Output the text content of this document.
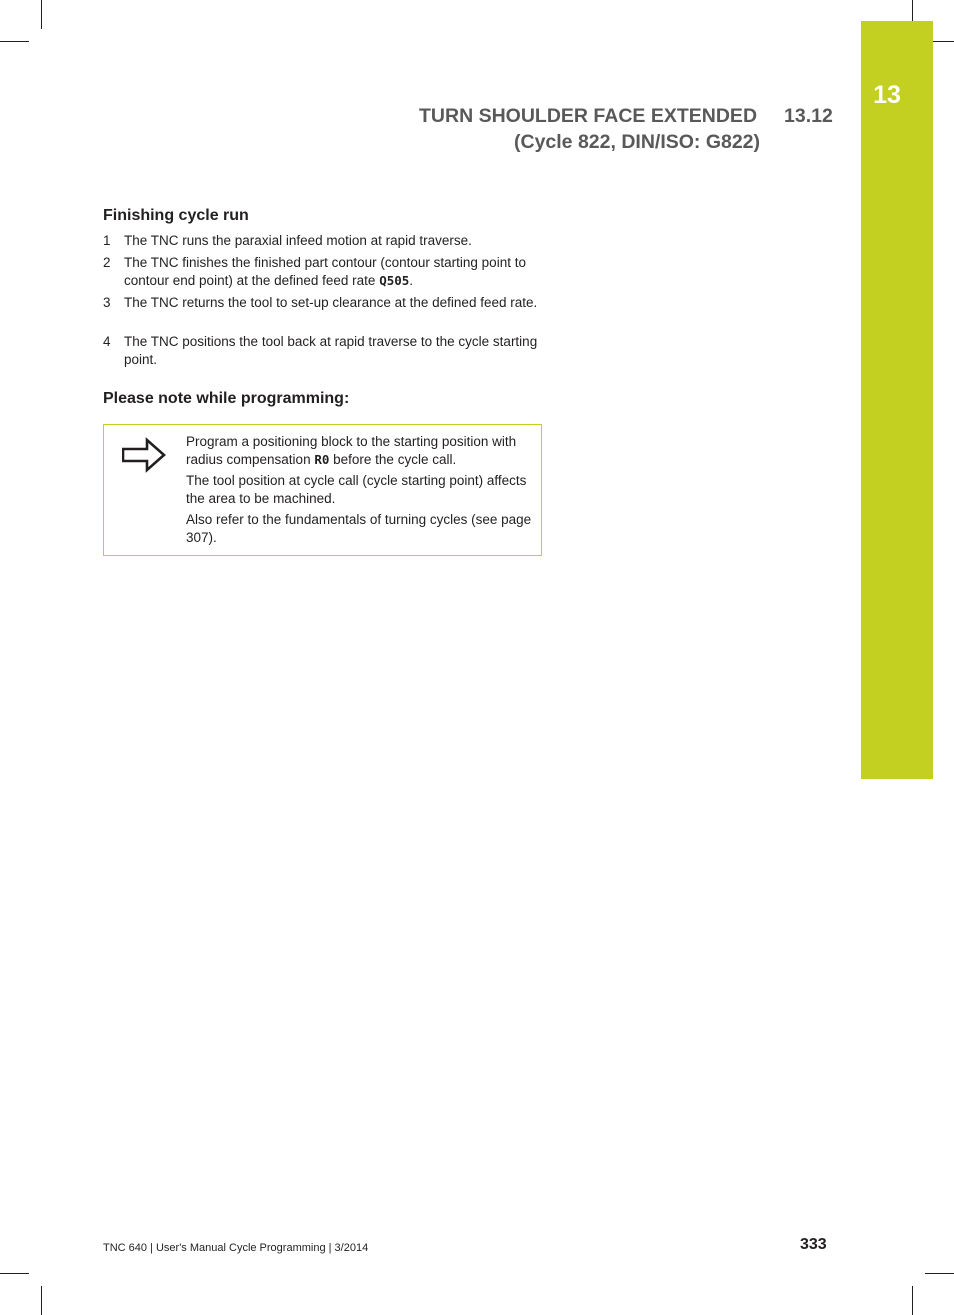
13
TURN SHOULDER FACE EXTENDED 13.12
(Cycle 822, DIN/ISO: G822)
Finishing cycle run
1 The TNC runs the paraxial infeed motion at rapid traverse.
2 The TNC finishes the finished part contour (contour starting point to contour end point) at the defined feed rate Q505.
3 The TNC returns the tool to set-up clearance at the defined feed rate.
4 The TNC positions the tool back at rapid traverse to the cycle starting point.
Please note while programming:

Program a positioning block to the starting position with radius compensation R0 before the cycle call.

The tool position at cycle call (cycle starting point) affects the area to be machined.

Also refer to the fundamentals of turning cycles (see page 307).

TNC 640 | User's Manual Cycle Programming | 3/2014	333
